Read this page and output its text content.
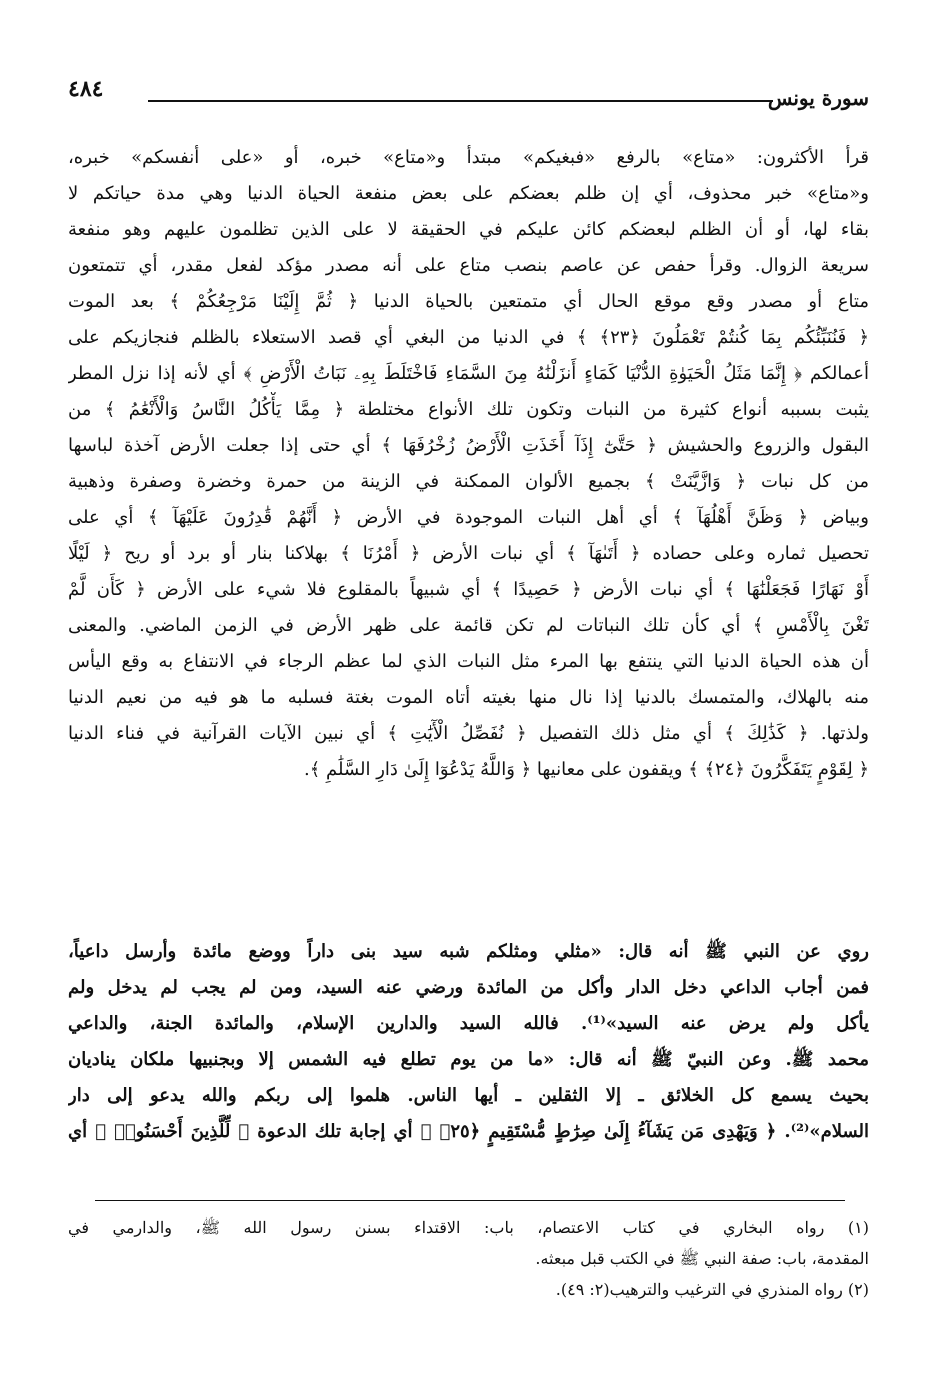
سورة يونس
٤٨٤
قرأ الأكثرون: «متاع» بالرفع «فبغيكم» مبتدأ و«متاع» خبره، أو «على أنفسكم» خبره،
و«متاع» خبر محذوف، أي إن ظلم بعضكم على بعض منفعة الحياة الدنيا وهي مدة حياتكم لا
بقاء لها، أو أن الظلم لبعضكم كائن عليكم في الحقيقة لا على الذين تظلمون عليهم وهو منفعة
سريعة الزوال. وقرأ حفص عن عاصم بنصب متاع على أنه مصدر مؤكد لفعل مقدر، أي تتمتعون
متاع أو مصدر وقع موقع الحال أي متمتعين بالحياة الدنيا ﴿ ثُمَّ إِلَيْنَا مَرْجِعُكُمْ ﴾ بعد الموت
﴿ فَنُنَبِّئُكُم بِمَا كُنتُمْ تَعْمَلُونَ ﴿٢٣﴾ ﴾ في الدنيا من البغي أي قصد الاستعلاء بالظلم فنجازيكم على
أعمالكم ﴿ إِنَّمَا مَثَلُ الْحَيَوٰةِ الدُّنْيَا كَمَاءٍ أَنزَلْنَٰهُ مِنَ السَّمَاءِ فَاخْتَلَطَ بِهِۦ نَبَاتُ الْأَرْضِ ﴾ أي لأنه إذا نزل المطر
يثبت بسببه أنواع كثيرة من النبات وتكون تلك الأنواع مختلطة ﴿ مِمَّا يَأْكُلُ النَّاسُ وَالْأَنْعَٰمُ ﴾ من
البقول والزروع والحشيش ﴿ حَتَّىٰٓ إِذَآ أَخَذَتِ الْأَرْضُ زُخْرُفَهَا ﴾ أي حتى إذا جعلت الأرض آخذة لباسها
من كل نبات ﴿ وَازَّيَّنَتْ ﴾ بجميع الألوان الممكنة في الزينة من حمرة وخضرة وصفرة وذهبية
وبياض ﴿ وَظَنَّ أَهْلُهَآ ﴾ أي أهل النبات الموجودة في الأرض ﴿ أَنَّهُمْ قَٰدِرُونَ عَلَيْهَآ ﴾ أي على
تحصيل ثماره وعلى حصاده ﴿ أَتَىٰهَآ ﴾ أي نبات الأرض ﴿ أَمْرُنَا ﴾ بهلاكنا بنار أو برد أو ريح ﴿ لَيْلًا
أَوْ نَهَارًا فَجَعَلْنَٰهَا ﴾ أي نبات الأرض ﴿ حَصِيدًا ﴾ أي شبيهاً بالمقلوع فلا شيء على الأرض ﴿ كَأَن لَّمْ
تَغْنَ بِالْأَمْسِ ﴾ أي كأن تلك النباتات لم تكن قائمة على ظهر الأرض في الزمن الماضي. والمعنى
أن هذه الحياة الدنيا التي ينتفع بها المرء مثل النبات الذي لما عظم الرجاء في الانتفاع به وقع اليأس
منه بالهلاك، والمتمسك بالدنيا إذا نال منها بغيته أتاه الموت بغتة فسلبه ما هو فيه من نعيم الدنيا
ولذتها. ﴿ كَذَٰلِكَ ﴾ أي مثل ذلك التفصيل ﴿ نُفَصِّلُ الْأٓيَٰتِ ﴾ أي نبين الآيات القرآنية في فناء الدنيا
﴿ لِقَوْمٍ يَتَفَكَّرُونَ ﴿٢٤﴾ ﴾ ويقفون على معانيها ﴿ وَاللَّهُ يَدْعُوٓا إِلَىٰ دَارِ السَّلَٰمِ ﴾.
روي عن النبي ﷺ أنه قال: «مثلي ومثلكم شبه سيد بنى داراً ووضع مائدة وأرسل داعياً،
فمن أجاب الداعي دخل الدار وأكل من المائدة ورضي عنه السيد، ومن لم يجب لم يدخل ولم
يأكل ولم يرض عنه السيد»⁽¹⁾. فالله السيد والدارين الإسلام، والمائدة الجنة، والداعي
محمد ﷺ. وعن النبيّ ﷺ أنه قال: «ما من يوم تطلع فيه الشمس إلا وبجنبيها ملكان يناديان
بحيث يسمع كل الخلائق ـ إلا الثقلين ـ أيها الناس. هلموا إلى ربكم والله يدعو إلى دار
السلام»⁽²⁾. ﴿ وَيَهْدِى مَن يَشَآءُ إِلَىٰ صِرَٰطٍ مُّسْتَقِيمٍ ﴿٢٥﴾ ﴾ أي إجابة تلك الدعوة ﴿ لِّلَّذِينَ أَحْسَنُوا۟ ﴾ أي
(١) رواه البخاري في كتاب الاعتصام، باب: الاقتداء بسنن رسول الله ﷺ، والدارمي في
المقدمة، باب: صفة النبي ﷺ في الكتب قبل مبعثه.
(٢) رواه المنذري في الترغيب والترهيب(٢: ٤٩).
